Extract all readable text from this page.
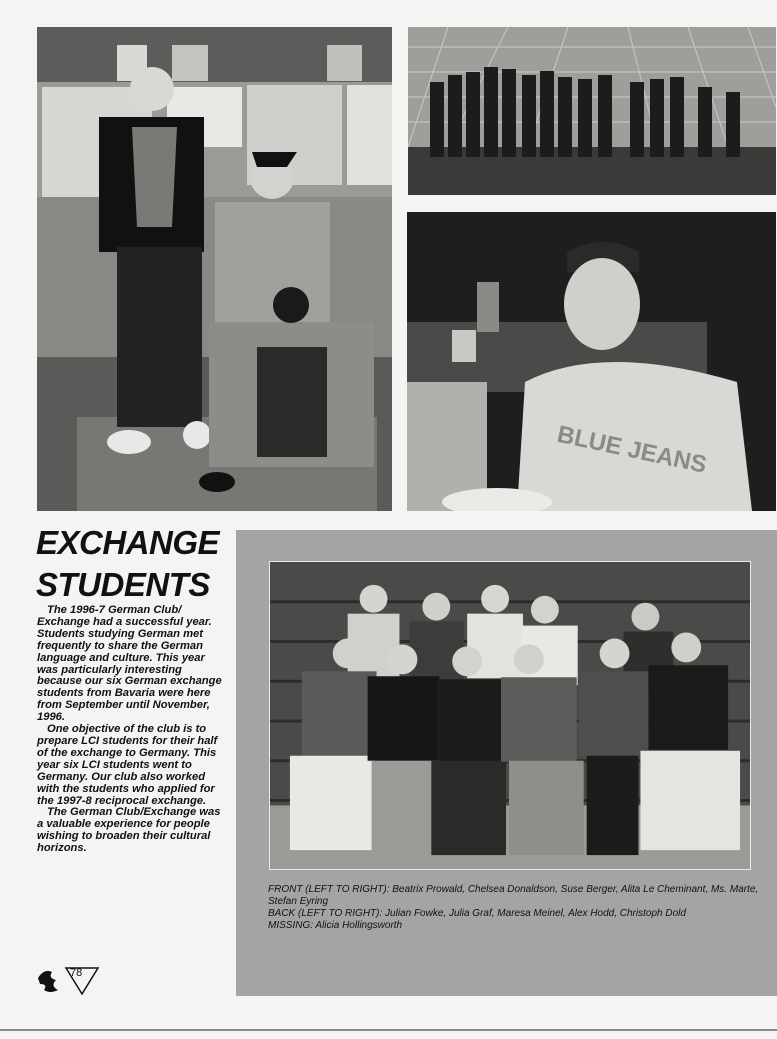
BLUE JEANS
FRONT (LEFT TO RIGHT): Beatrix Prowald, Chelsea Donaldson, Suse Berger, Alita Le Cheminant, Ms. Marte,
Stefan Eyring
BACK (LEFT TO RIGHT): Julian Fowke, Julia Graf, Maresa Meinel, Alex Hodd, Christoph Dold
MISSING: Alicia Hollingsworth
EXCHANGE
STUDENTS

The 1996-7 German Club/ Exchange had a successful year. Students studying German met frequently to share the German language and culture. This year was particularly interesting because our six German exchange students from Bavaria were here from September until November, 1996.

One objective of the club is to prepare LCI students for their half of the exchange to Germany. This year six LCI students went to Germany. Our club also worked with the students who applied for the 1997-8 reciprocal exchange.

The German Club/Exchange was a valuable experience for people wishing to broaden their cultural horizons.

78
